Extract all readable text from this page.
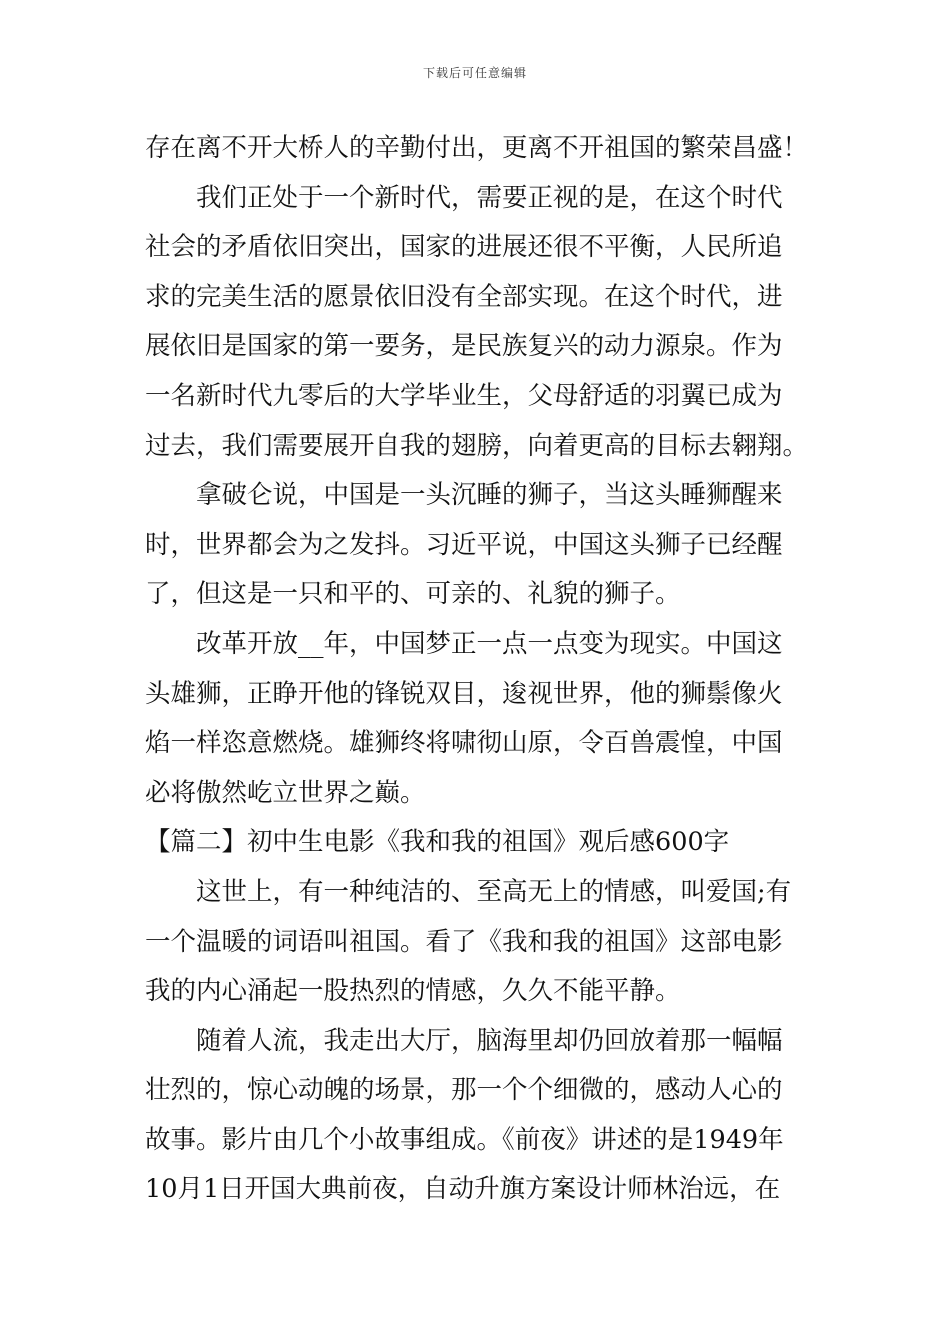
下载后可任意编辑

存在离不开大桥人的辛勤付出，更离不开祖国的繁荣昌盛！

我们正处于一个新时代，需要正视的是，在这个时代
社会的矛盾依旧突出，国家的进展还很不平衡，人民所追
求的完美生活的愿景依旧没有全部实现。在这个时代，进
展依旧是国家的第一要务，是民族复兴的动力源泉。作为
一名新时代九零后的大学毕业生，父母舒适的羽翼已成为
过去，我们需要展开自我的翅膀，向着更高的目标去翱翔。

拿破仑说，中国是一头沉睡的狮子，当这头睡狮醒来
时，世界都会为之发抖。习近平说，中国这头狮子已经醒
了，但这是一只和平的、可亲的、礼貌的狮子。

改革开放__年，中国梦正一点一点变为现实。中国这
头雄狮，正睁开他的锋锐双目，逡视世界，他的狮鬃像火
焰一样恣意燃烧。雄狮终将啸彻山原，令百兽震惶，中国
必将傲然屹立世界之巅。

【篇二】初中生电影《我和我的祖国》观后感600字

这世上，有一种纯洁的、至高无上的情感，叫爱国;有
一个温暖的词语叫祖国。看了《我和我的祖国》这部电影
我的内心涌起一股热烈的情感，久久不能平静。

随着人流，我走出大厅，脑海里却仍回放着那一幅幅
壮烈的，惊心动魄的场景，那一个个细微的，感动人心的
故事。影片由几个小故事组成。《前夜》讲述的是1949年
10月1日开国大典前夜，自动升旗方案设计师林治远，在
